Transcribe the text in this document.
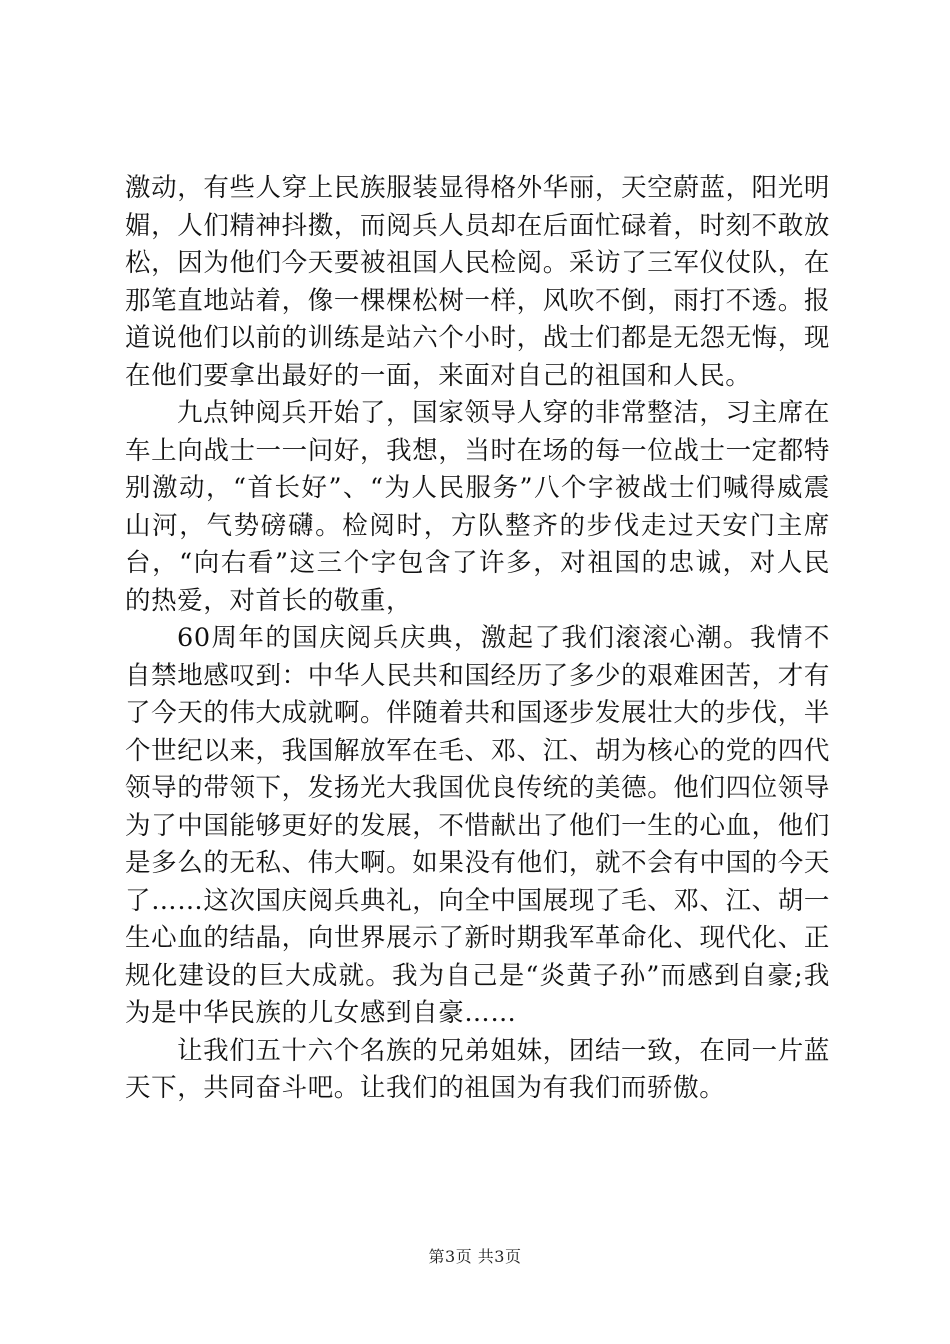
激动，有些人穿上民族服装显得格外华丽，天空蔚蓝，阳光明媚，人们精神抖擞，而阅兵人员却在后面忙碌着，时刻不敢放松，因为他们今天要被祖国人民检阅。采访了三军仪仗队，在那笔直地站着，像一棵棵松树一样，风吹不倒，雨打不透。报道说他们以前的训练是站六个小时，战士们都是无怨无悔，现在他们要拿出最好的一面，来面对自己的祖国和人民。

九点钟阅兵开始了，国家领导人穿的非常整洁，习主席在车上向战士一一问好，我想，当时在场的每一位战士一定都特别激动，“首长好”、“为人民服务”八个字被战士们喊得威震山河，气势磅礴。检阅时，方队整齐的步伐走过天安门主席台，“向右看”这三个字包含了许多，对祖国的忠诚，对人民的热爱，对首长的敬重，

60周年的国庆阅兵庆典，激起了我们滚滚心潮。我情不自禁地感叹到：中华人民共和国经历了多少的艰难困苦，才有了今天的伟大成就啊。伴随着共和国逐步发展壮大的步伐，半个世纪以来，我国解放军在毛、邓、江、胡为核心的党的四代领导的带领下，发扬光大我国优良传统的美德。他们四位领导为了中国能够更好的发展，不惜献出了他们一生的心血，他们是多么的无私、伟大啊。如果没有他们，就不会有中国的今天了……这次国庆阅兵典礼，向全中国展现了毛、邓、江、胡一生心血的结晶，向世界展示了新时期我军革命化、现代化、正规化建设的巨大成就。我为自己是“炎黄子孙”而感到自豪;我为是中华民族的儿女感到自豪……

让我们五十六个名族的兄弟姐妹，团结一致，在同一片蓝天下，共同奋斗吧。让我们的祖国为有我们而骄傲。

第3页 共3页
